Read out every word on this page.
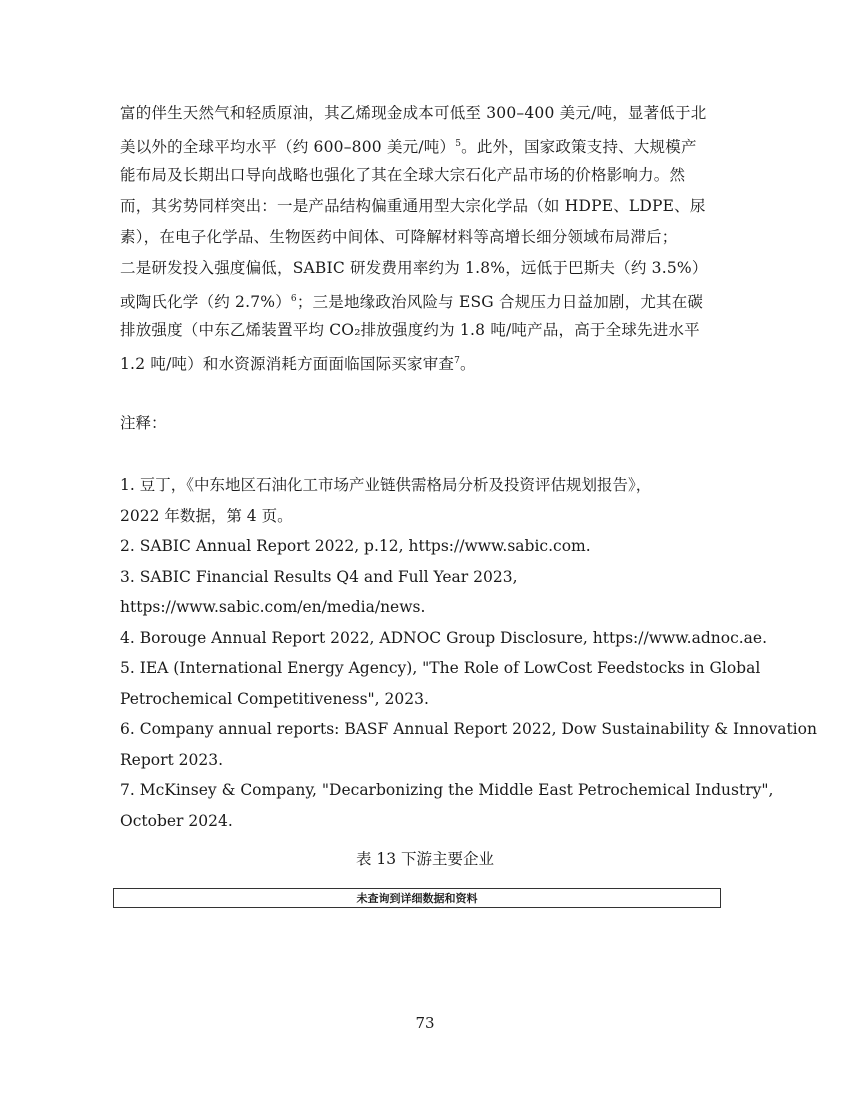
富的伴生天然气和轻质原油，其乙烯现金成本可低至 300–400 美元/吨，显著低于北
美以外的全球平均水平（约 600–800 美元/吨）$^5$。此外，国家政策支持、大规模产
能布局及长期出口导向战略也强化了其在全球大宗石化产品市场的价格影响力。然
而，其劣势同样突出：一是产品结构偏重通用型大宗化学品（如 HDPE、LDPE、尿
素），在电子化学品、生物医药中间体、可降解材料等高增长细分领域布局滞后；
二是研发投入强度偏低，SABIC 研发费用率约为 1.8%，远低于巴斯夫（约 3.5%）
或陶氏化学（约 2.7%）$^6$；三是地缘政治风险与 ESG 合规压力日益加剧，尤其在碳
排放强度（中东乙烯装置平均 CO₂排放强度约为 1.8 吨/吨产品，高于全球先进水平
1.2 吨/吨）和水资源消耗方面面临国际买家审查$^7$。
注释：
1. 豆丁，《中东地区石油化工市场产业链供需格局分析及投资评估规划报告》，
2022 年数据，第 4 页。
2. SABIC Annual Report 2022, p.12, https://www.sabic.com.
3. SABIC Financial Results Q4 and Full Year 2023,
https://www.sabic.com/en/media/news.
4. Borouge Annual Report 2022, ADNOC Group Disclosure, https://www.adnoc.ae.
5. IEA (International Energy Agency), "The Role of LowCost Feedstocks in Global
Petrochemical Competitiveness", 2023.
6. Company annual reports: BASF Annual Report 2022, Dow Sustainability & Innovation
Report 2023.
7. McKinsey & Company, "Decarbonizing the Middle East Petrochemical Industry",
October 2024.
表 13 下游主要企业
未查询到详细数据和资料
73
